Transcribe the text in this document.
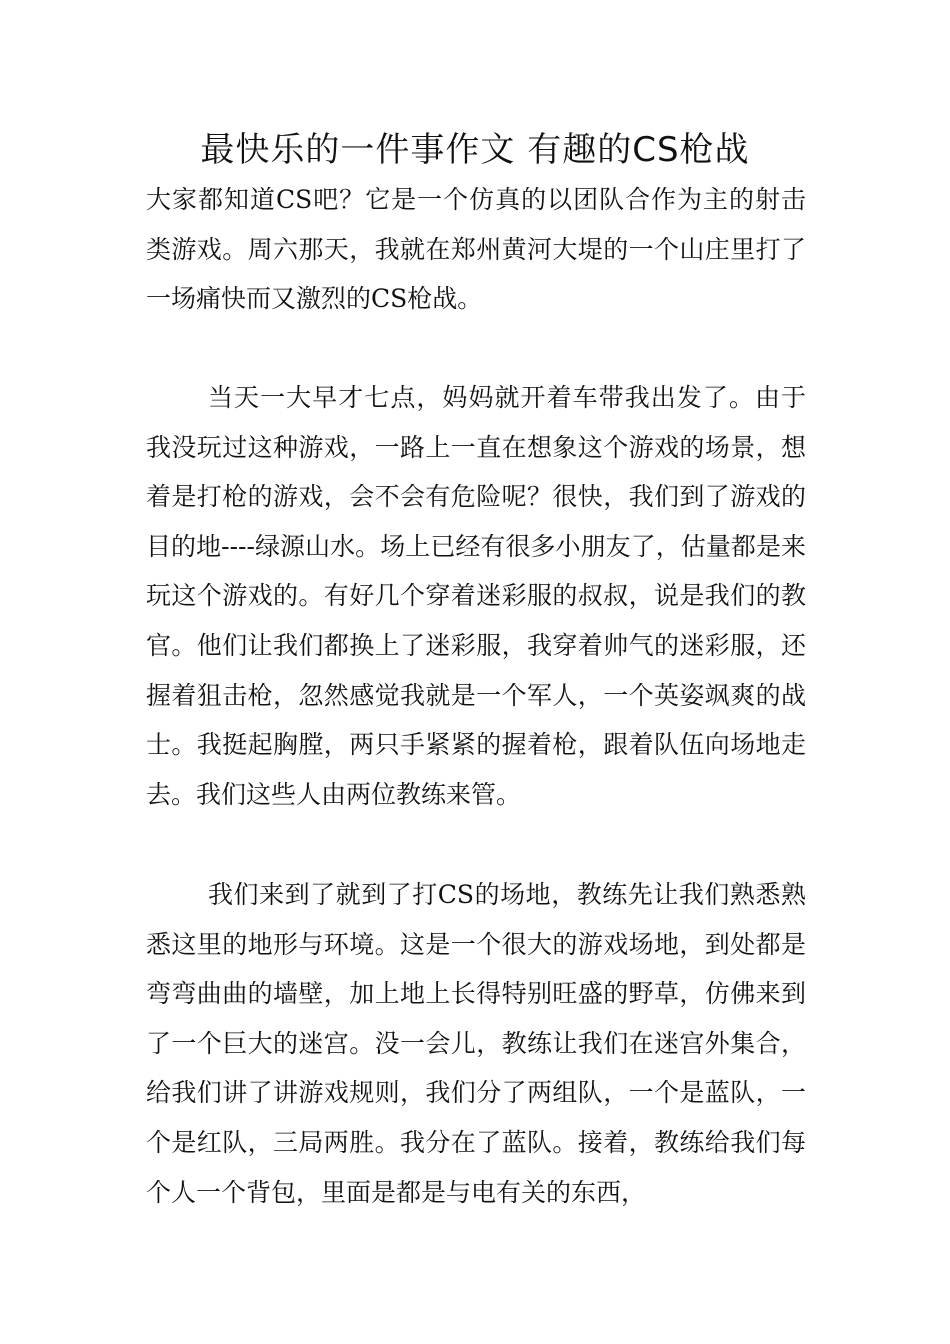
最快乐的一件事作文 有趣的CS枪战

大家都知道CS吧？它是一个仿真的以团队合作为主的射击类游戏。周六那天，我就在郑州黄河大堤的一个山庄里打了一场痛快而又激烈的CS枪战。

当天一大早才七点，妈妈就开着车带我出发了。由于我没玩过这种游戏，一路上一直在想象这个游戏的场景，想着是打枪的游戏，会不会有危险呢？很快，我们到了游戏的目的地----绿源山水。场上已经有很多小朋友了，估量都是来玩这个游戏的。有好几个穿着迷彩服的叔叔，说是我们的教官。他们让我们都换上了迷彩服，我穿着帅气的迷彩服，还握着狙击枪，忽然感觉我就是一个军人，一个英姿飒爽的战士。我挺起胸膛，两只手紧紧的握着枪，跟着队伍向场地走去。我们这些人由两位教练来管。

我们来到了就到了打CS的场地，教练先让我们熟悉熟悉这里的地形与环境。这是一个很大的游戏场地，到处都是弯弯曲曲的墙壁，加上地上长得特别旺盛的野草，仿佛来到了一个巨大的迷宫。没一会儿，教练让我们在迷宫外集合，给我们讲了讲游戏规则，我们分了两组队，一个是蓝队，一个是红队，三局两胜。我分在了蓝队。接着，教练给我们每个人一个背包，里面是都是与电有关的东西，
